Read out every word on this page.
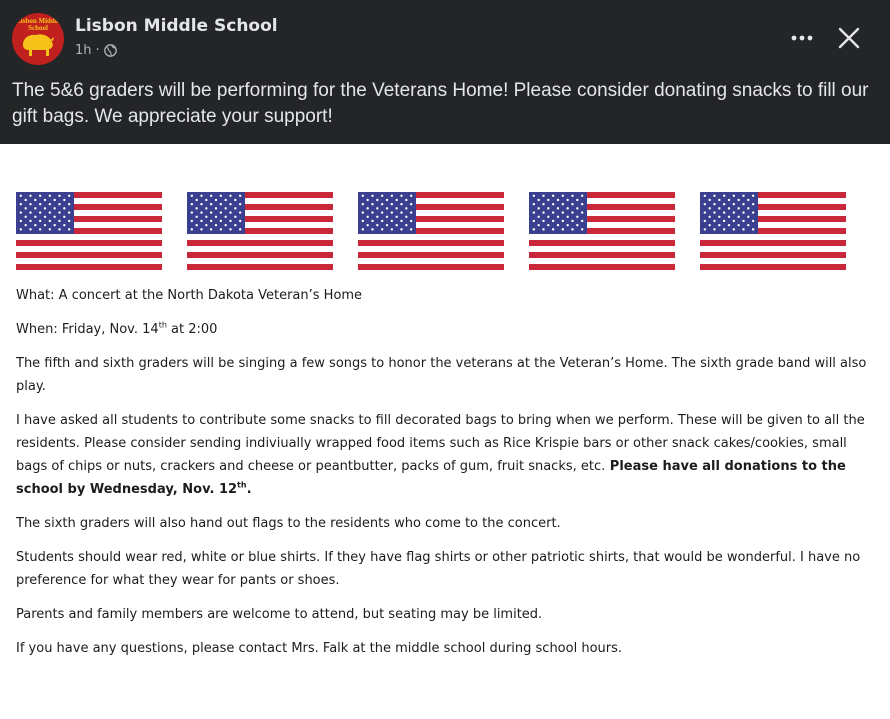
Lisbon Middle School	Lisbon Middle School
1h ·
The 5&6 graders will be performing for the Veterans Home! Please consider donating snacks to fill our gift bags. We appreciate your support!

What: A concert at the North Dakota Veteran’s Home

When: Friday, Nov. 14th at 2:00

The fifth and sixth graders will be singing a few songs to honor the veterans at the Veteran’s Home. The sixth grade band will also play.

I have asked all students to contribute some snacks to fill decorated bags to bring when we perform. These will be given to all the residents. Please consider sending indiviually wrapped food items such as Rice Krispie bars or other snack cakes/cookies, small bags of chips or nuts, crackers and cheese or peantbutter, packs of gum, fruit snacks, etc. Please have all donations to the school by Wednesday, Nov. 12th.

The sixth graders will also hand out flags to the residents who come to the concert.

Students should wear red, white or blue shirts. If they have flag shirts or other patriotic shirts, that would be wonderful. I have no preference for what they wear for pants or shoes.

Parents and family members are welcome to attend, but seating may be limited.

If you have any questions, please contact Mrs. Falk at the middle school during school hours.
